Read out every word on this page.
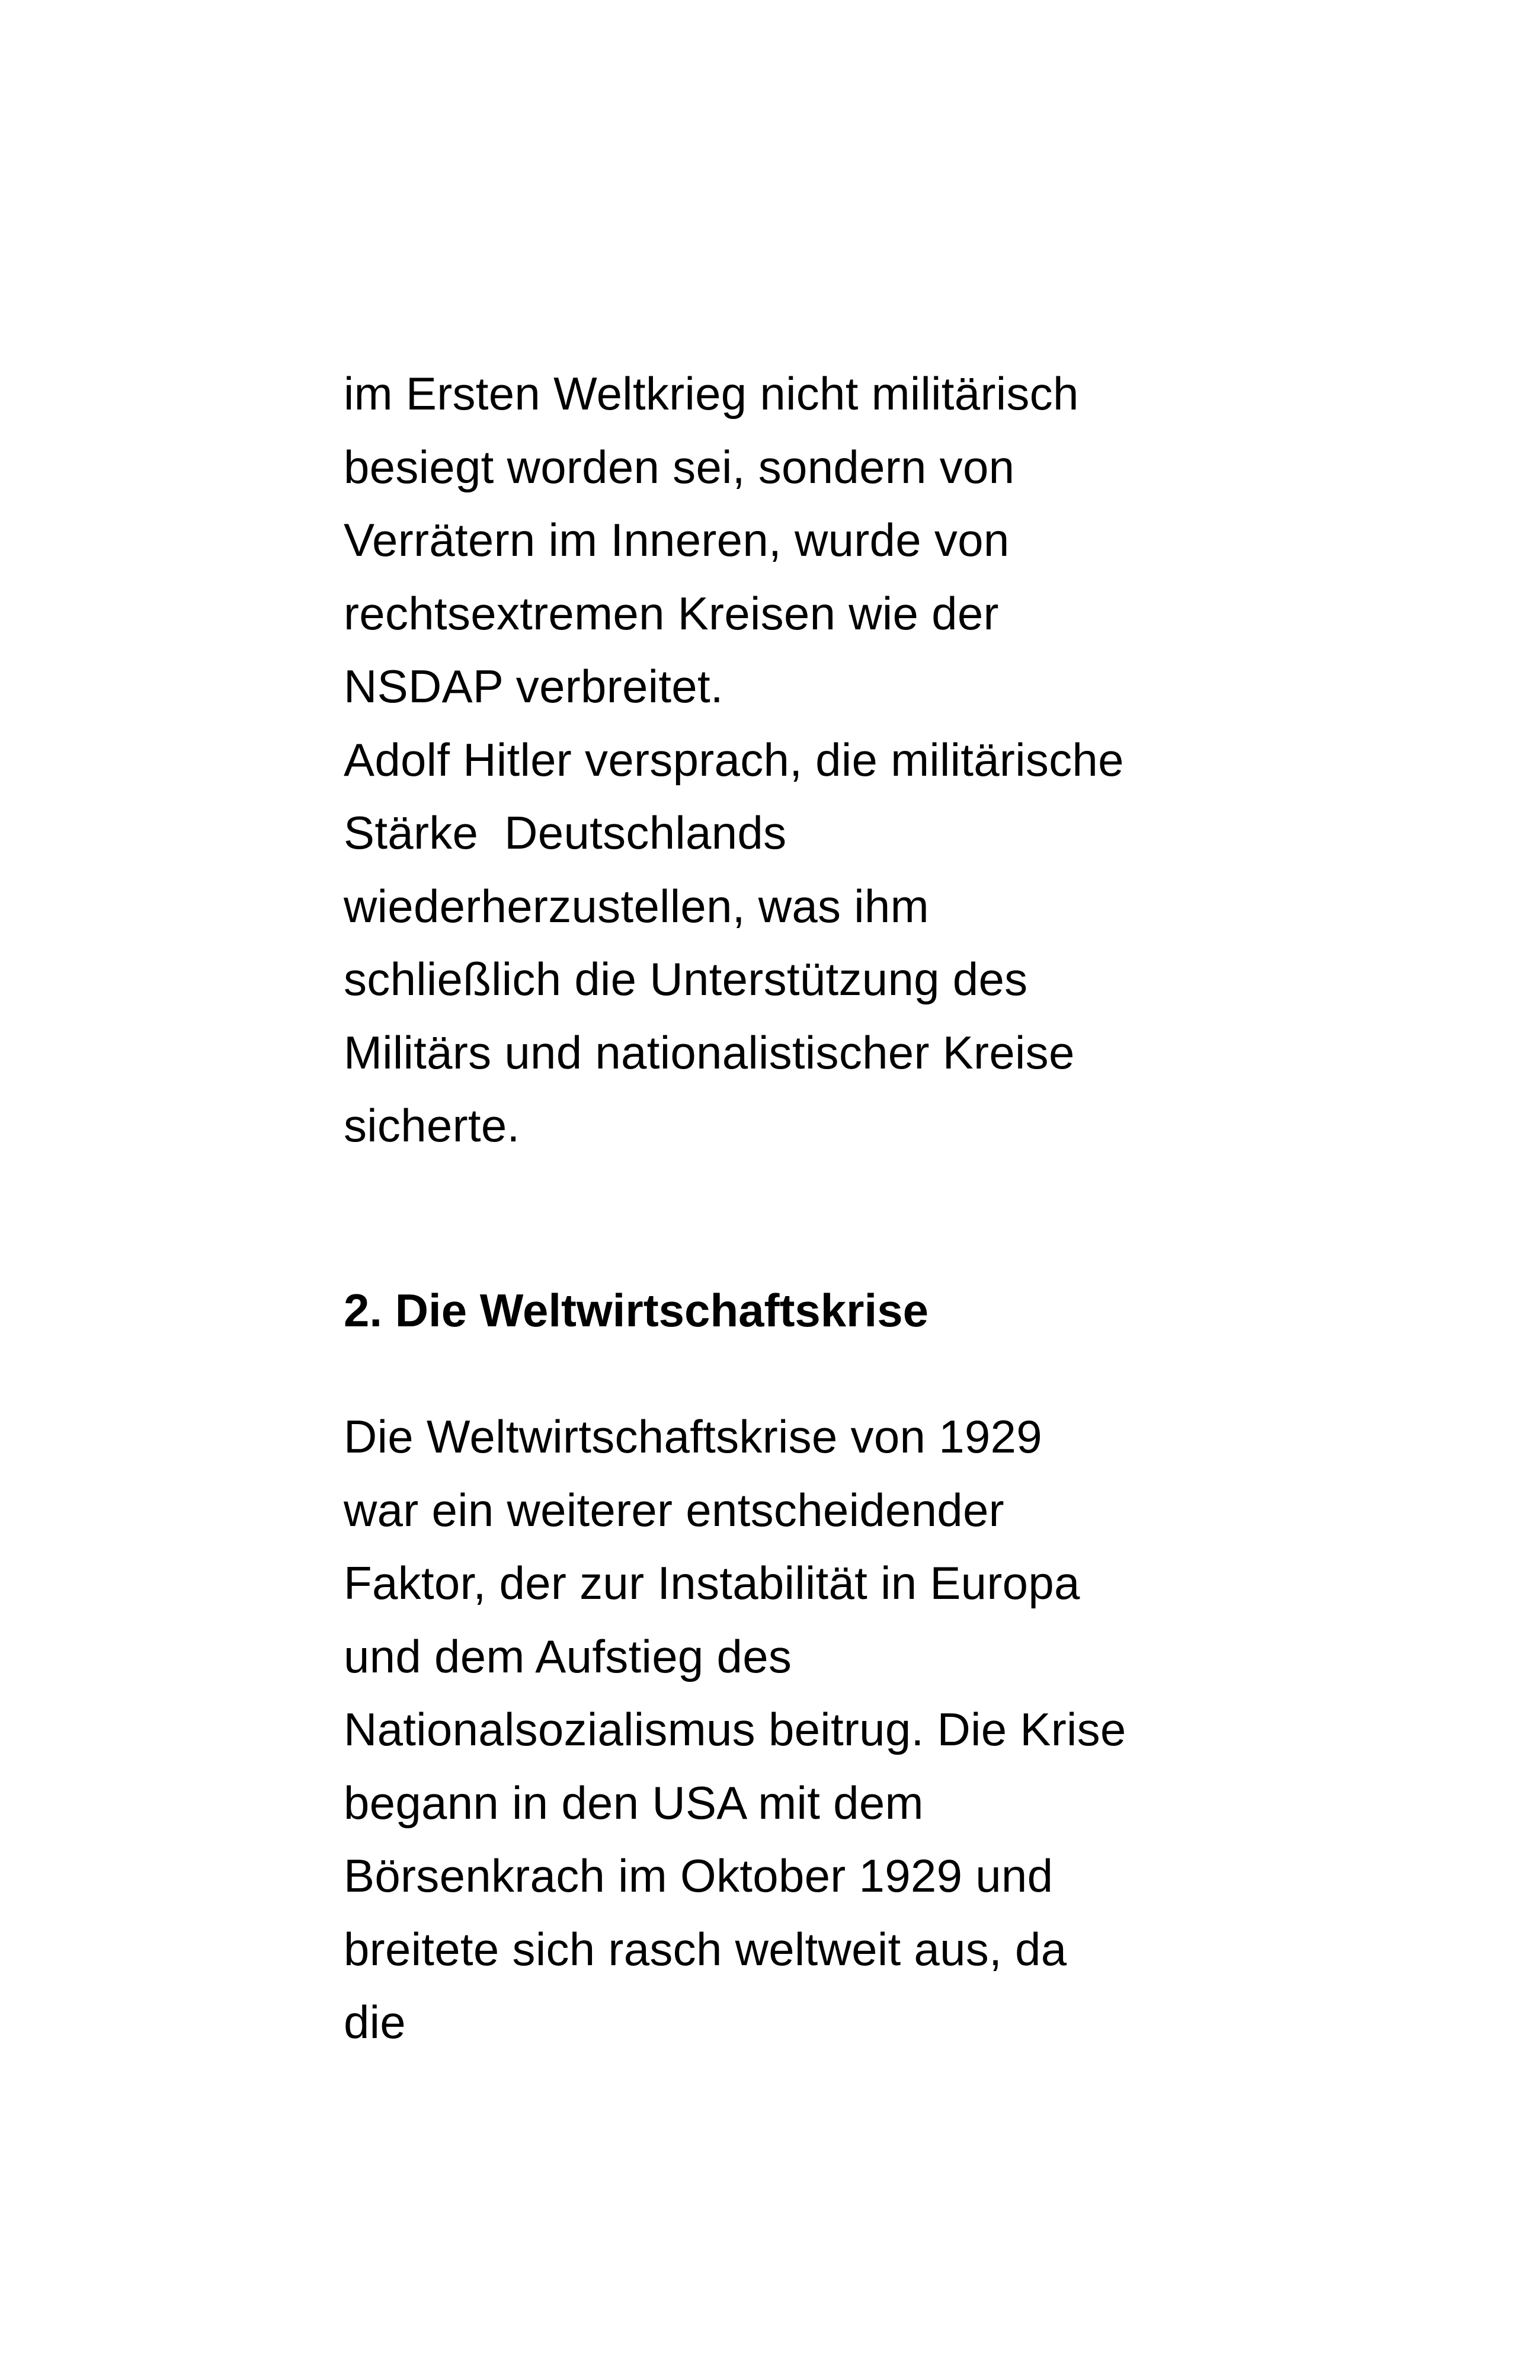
im Ersten Weltkrieg nicht militärisch
besiegt worden sei, sondern von
Verrätern im Inneren, wurde von
rechtsextremen Kreisen wie der
NSDAP verbreitet.
Adolf Hitler versprach, die militärische
Stärke  Deutschlands
wiederherzustellen, was ihm
schließlich die Unterstützung des
Militärs und nationalistischer Kreise
sicherte.
2. Die Weltwirtschaftskrise
Die Weltwirtschaftskrise von 1929
war ein weiterer entscheidender
Faktor, der zur Instabilität in Europa
und dem Aufstieg des
Nationalsozialismus beitrug. Die Krise
begann in den USA mit dem
Börsenkrach im Oktober 1929 und
breitete sich rasch weltweit aus, da
die
